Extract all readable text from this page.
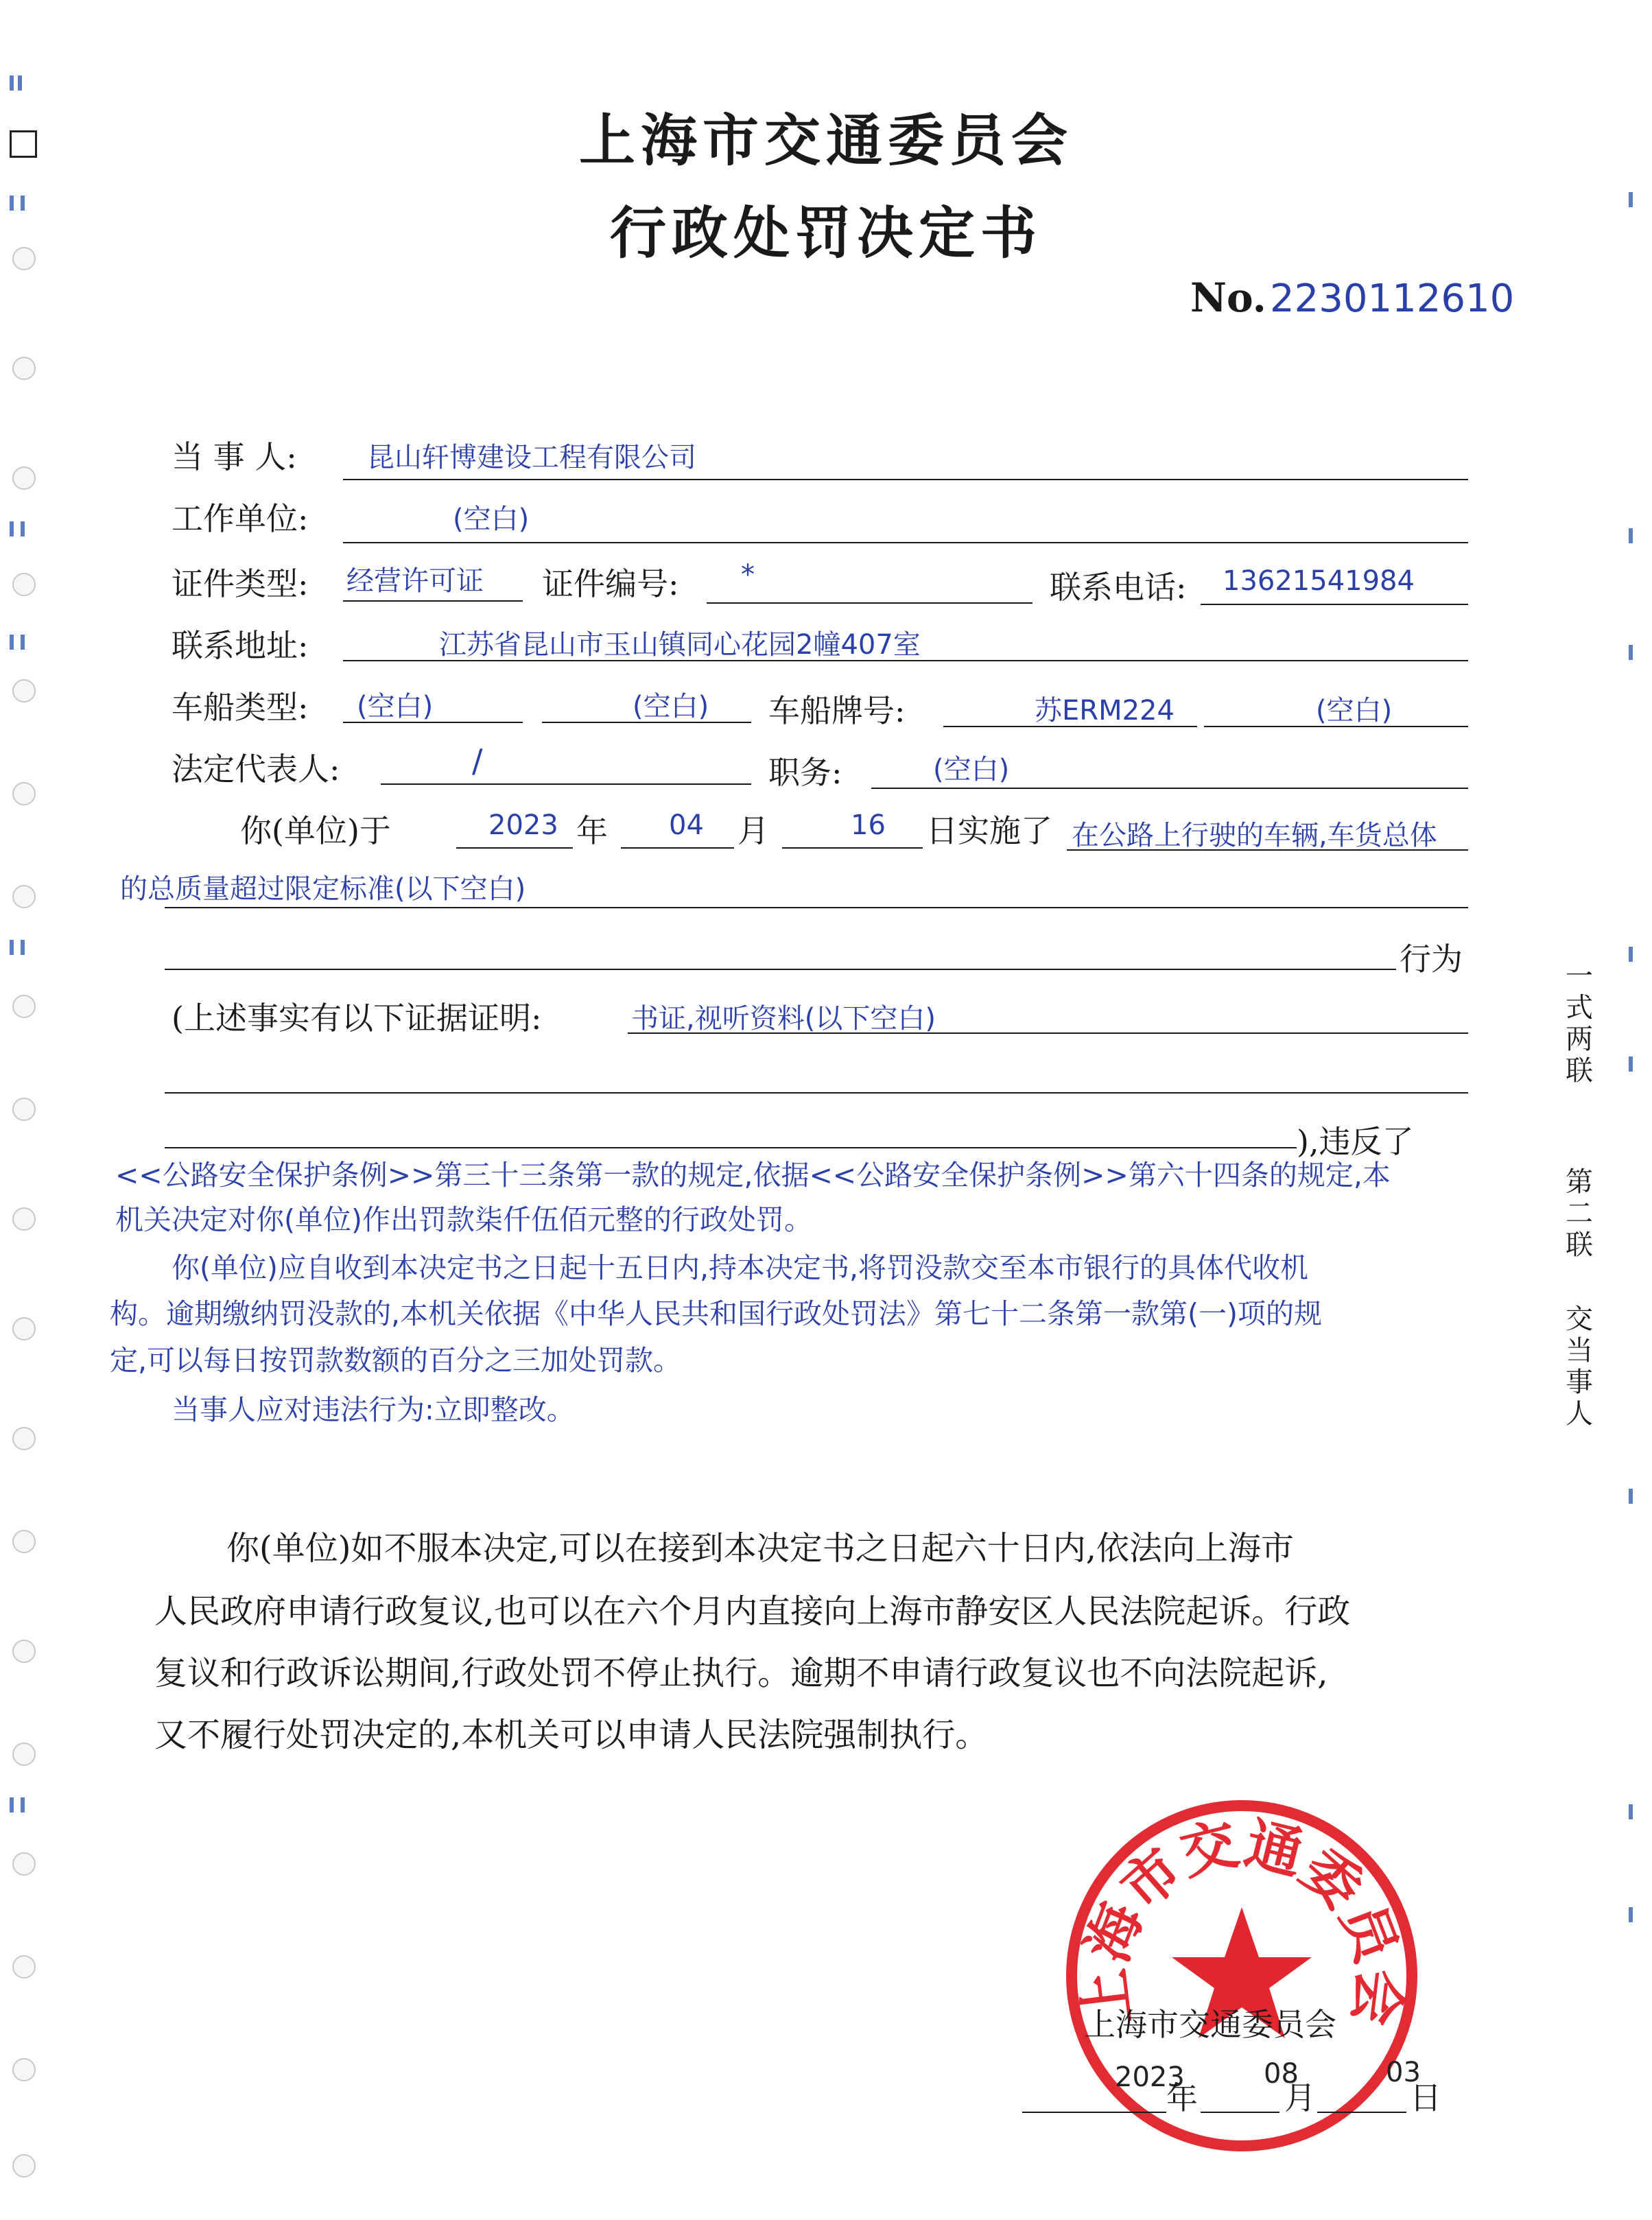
上海市交通委员会
行政处罚决定书
No. 2230112610
当 事 人:	昆山轩博建设工程有限公司
工作单位:	(空白)
证件类型: 经营许可证 证件编号: *	联系电话: 13621541984
联系地址:	江苏省昆山市玉山镇同心花园2幢407室
车船类型: (空白)	(空白) 车船牌号:	苏ERM224	(空白)
法定代表人:	/	职务:	(空白)
你(单位)于	2023 年 04 月	16 日实施了 在公路上行驶的车辆,车货总体
的总质量超过限定标准(以下空白)
行为
(上述事实有以下证据证明:	书证,视听资料(以下空白)
),违反了
<<公路安全保护条例>>第三十三条第一款的规定,依据<<公路安全保护条例>>第六十四条的规定,本
机关决定对你(单位)作出罚款柒仟伍佰元整的行政处罚。
你(单位)应自收到本决定书之日起十五日内,持本决定书,将罚没款交至本市银行的具体代收机
构。逾期缴纳罚没款的,本机关依据《中华人民共和国行政处罚法》第七十二条第一款第(一)项的规
定,可以每日按罚款数额的百分之三加处罚款。
当事人应对违法行为:立即整改。
你(单位)如不服本决定,可以在接到本决定书之日起六十日内,依法向上海市
人民政府申请行政复议,也可以在六个月内直接向上海市静安区人民法院起诉。行政
复议和行政诉讼期间,行政处罚不停止执行。逾期不申请行政复议也不向法院起诉,
又不履行处罚决定的,本机关可以申请人民法院强制执行。
一式两联
第二联
交当事人
上海市交通委员会
上海市交通委员会
2023
年
08
月
03
日
